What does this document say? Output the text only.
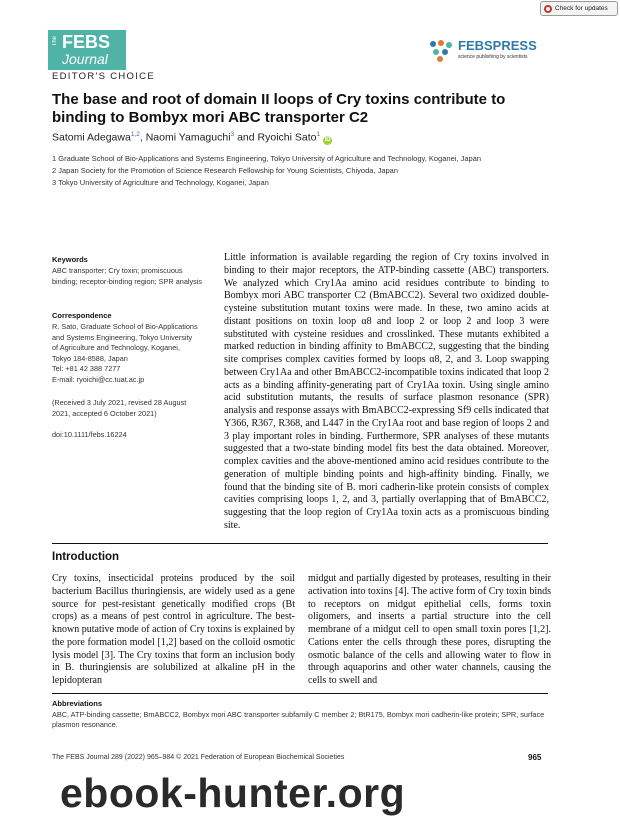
Check for updates
The FEBS
Journal
FEBSPRESS
science publishing by scientists
EDITOR'S CHOICE
The base and root of domain II loops of Cry toxins contribute to binding to Bombyx mori ABC transporter C2
Satomi Adegawa$^{1,2}$, Naomi Yamaguchi$^3$ and Ryoichi Sato$^1$iD
1 Graduate School of Bio-Applications and Systems Engineering, Tokyo University of Agriculture and Technology, Koganei, Japan
2 Japan Society for the Promotion of Science Research Fellowship for Young Scientists, Chiyoda, Japan
3 Tokyo University of Agriculture and Technology, Koganei, Japan
Keywords
ABC transporter; Cry toxin; promiscuous binding; receptor-binding region; SPR analysis
Correspondence
R. Sato, Graduate School of Bio-Applications
and Systems Engineering, Tokyo University
of Agriculture and Technology, Koganei,
Tokyo 184-8588, Japan
Tel: +81 42 388 7277
E-mail: ryoichi@cc.tuat.ac.jp
(Received 3 July 2021, revised 28 August 2021, accepted 6 October 2021)
doi:10.1111/febs.16224
Little information is available regarding the region of Cry toxins involved in binding to their major receptors, the ATP-binding cassette (ABC) transporters. We analyzed which Cry1Aa amino acid residues contribute to binding to Bombyx mori ABC transporter C2 (BmABCC2). Several two oxidized double-cysteine substitution mutant toxins were made. In these, two amino acids at distant positions on toxin loop α8 and loop 2 or loop 2 and loop 3 were substituted with cysteine residues and crosslinked. These mutants exhibited a marked reduction in binding affinity to BmABCC2, suggesting that the binding site comprises complex cavities formed by loops α8, 2, and 3. Loop swapping between Cry1Aa and other BmABCC2-incompatible toxins indicated that loop 2 acts as a binding affinity-generating part of Cry1Aa toxin. Using single amino acid substitution mutants, the results of surface plasmon resonance (SPR) analysis and response assays with BmABCC2-expressing Sf9 cells indicated that Y366, R367, R368, and L447 in the Cry1Aa root and base region of loops 2 and 3 play important roles in binding. Furthermore, SPR analyses of these mutants suggested that a two-state binding model fits best the data obtained. Moreover, complex cavities and the above-mentioned amino acid residues contribute to the generation of multiple binding points and high-affinity binding. Finally, we found that the binding site of B. mori cadherin-like protein consists of complex cavities comprising loops 1, 2, and 3, partially overlapping that of BmABCC2, suggesting that the loop region of Cry1Aa toxin acts as a promiscuous binding site.
Introduction
Cry toxins, insecticidal proteins produced by the soil bacterium Bacillus thuringiensis, are widely used as a gene source for pest-resistant genetically modified crops (Bt crops) as a means of pest control in agriculture. The best-known putative mode of action of Cry toxins is explained by the pore formation model [1,2] based on the colloid osmotic lysis model [3]. The Cry toxins that form an inclusion body in B. thuringiensis are solubilized at alkaline pH in the lepidopteran
midgut and partially digested by proteases, resulting in their activation into toxins [4]. The active form of Cry toxin binds to receptors on midgut epithelial cells, forms toxin oligomers, and inserts a partial structure into the cell membrane of a midgut cell to open small toxin pores [1,2]. Cations enter the cells through these pores, disrupting the osmotic balance of the cells and allowing water to flow in through aquaporins and other water channels, causing the cells to swell and
Abbreviations
ABC, ATP-binding cassette; BmABCC2, Bombyx mori ABC transporter subfamily C member 2; BtR175, Bombyx mori cadherin-like protein; SPR, surface plasmon resonance.
The FEBS Journal 289 (2022) 965–984 © 2021 Federation of European Biochemical Societies	965
ebook-hunter.org
